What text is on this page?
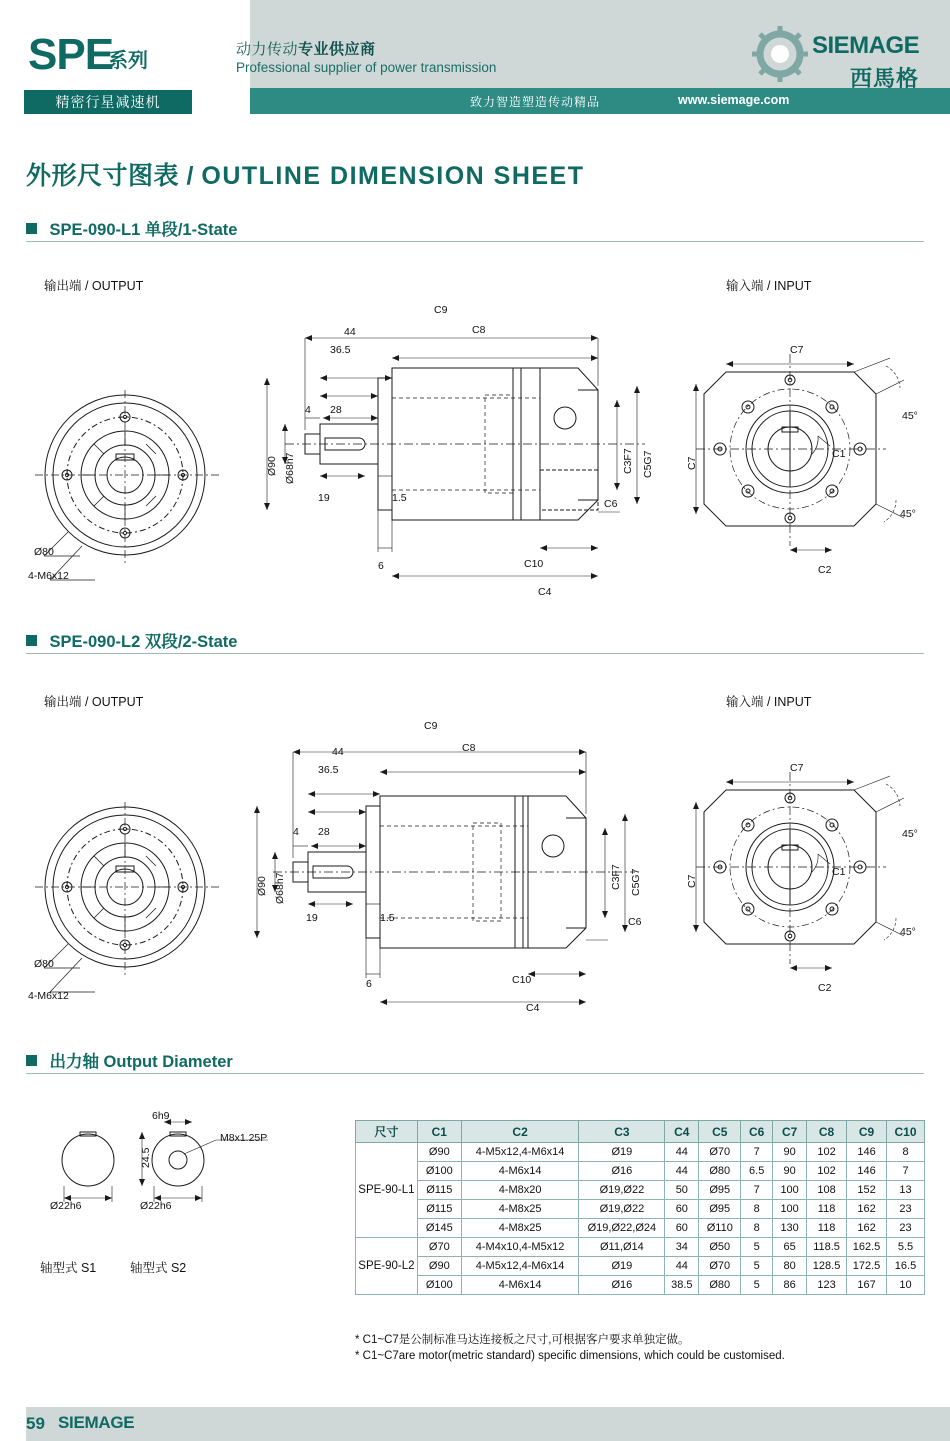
SPE
系列
精密行星减速机
动力传动专业供应商
Professional supplier of power transmission
致力智造塑造传动精品	www.siemage.com
SIEMAGE
西馬格
外形尺寸图表 / OUTLINE DIMENSION SHEET
SPE-090-L1 单段/1-State
输出端 / OUTPUT	输入端 / INPUT
Ø80
4-M6x12
C9
C8
44
36.5
4 28
19	1.5
6	C10
C4
Ø90 Ø68h7	C3F7 C5G7
C6
C7
C7
45°
45°
C1
C2
SPE-090-L2 双段/2-State
输出端 / OUTPUT	输入端 / INPUT
Ø80
4-M6x12
C9
C8
44
36.5
4 28
19	1.5
6	C10
C4
Ø90 Ø68h7	C3F7 C5G7
C6
C7
C7
45°
45°
C1
C2
出力轴 Output Diameter
Ø22h6
轴型式 S1
6h9
24.5
M8x1.25P
Ø22h6
轴型式 S2
尺寸	C1	C2	C3	C4	C5	C6	C7	C8	C9	C10
SPE-90-L1	Ø90	4-M5x12,4-M6x14	Ø19	44	Ø70	7	90	102	146	8
	Ø100	4-M6x14	Ø16	44	Ø80	6.5	90	102	146	7
	Ø115	4-M8x20	Ø19,Ø22	50	Ø95	7	100	108	152	13
	Ø115	4-M8x25	Ø19,Ø22	60	Ø95	8	100	118	162	23
	Ø145	4-M8x25	Ø19,Ø22,Ø24	60	Ø110	8	130	118	162	23
SPE-90-L2	Ø70	4-M4x10,4-M5x12	Ø11,Ø14	34	Ø50	5	65	118.5	162.5	5.5
	Ø90	4-M5x12,4-M6x14	Ø19	44	Ø70	5	80	128.5	172.5	16.5
	Ø100	4-M6x14	Ø16	38.5	Ø80	5	86	123	167	10
* C1~C7是公制标准马达连接板之尺寸,可根据客户要求单独定做。
* C1~C7are motor(metric standard) specific dimensions, which could be customised.
59 SIEMAGE
